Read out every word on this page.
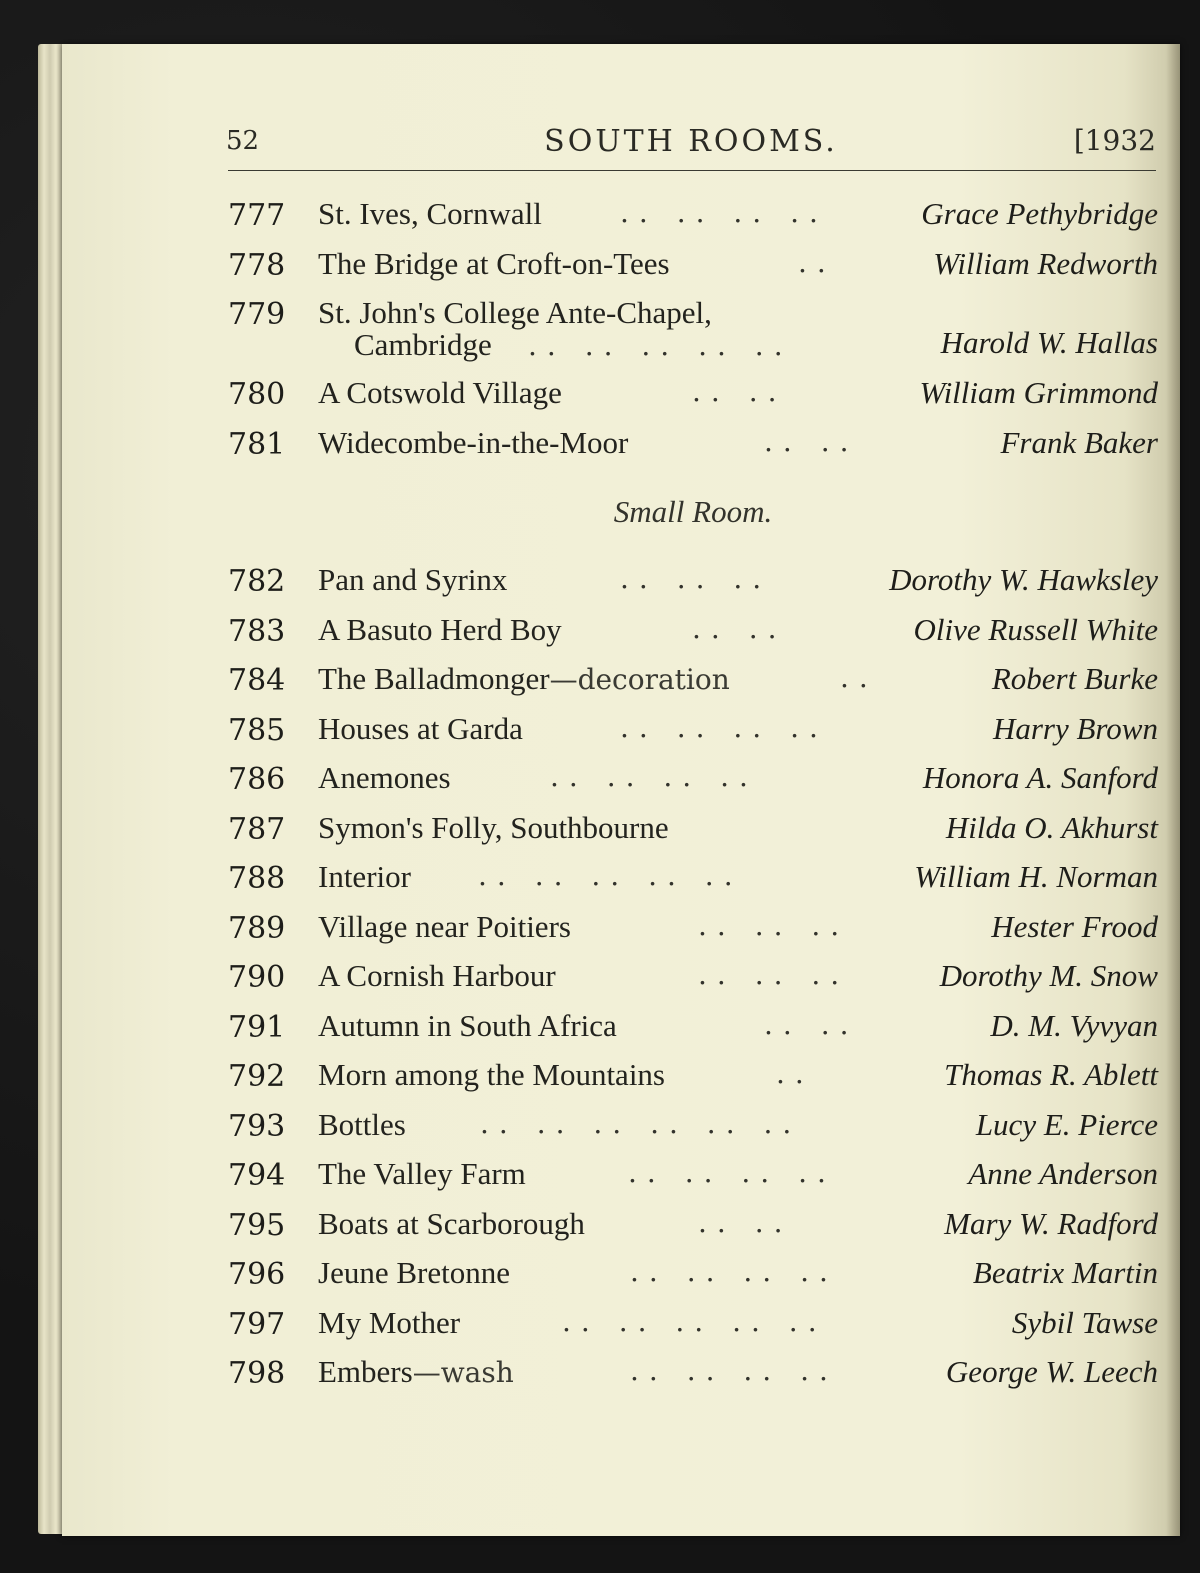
52	SOUTH ROOMS.	[1932
777	St. Ives, Cornwall	.. .. .. ..	Grace Pethybridge
778	The Bridge at Croft-on-Tees	..	William Redworth
779	St. John's College Ante-Chapel,
Cambridge	.. .. .. .. ..	Harold W. Hallas
780	A Cotswold Village	.. ..	William Grimmond
781	Widecombe-in-the-Moor	.. ..	Frank Baker
Small Room.
782	Pan and Syrinx	.. .. ..	Dorothy W. Hawksley
783	A Basuto Herd Boy	.. ..	Olive Russell White
784	The Balladmonger—decoration	..	Robert Burke
785	Houses at Garda	.. .. .. ..	Harry Brown
786	Anemones	.. .. .. ..	Honora A. Sanford
787	Symon's Folly, Southbourne	Hilda O. Akhurst
788	Interior	.. .. .. .. ..	William H. Norman
789	Village near Poitiers	.. .. ..	Hester Frood
790	A Cornish Harbour	.. .. ..	Dorothy M. Snow
791	Autumn in South Africa	.. ..	D. M. Vyvyan
792	Morn among the Mountains	..	Thomas R. Ablett
793	Bottles	.. .. .. .. .. ..	Lucy E. Pierce
794	The Valley Farm	.. .. .. ..	Anne Anderson
795	Boats at Scarborough	.. ..	Mary W. Radford
796	Jeune Bretonne	.. .. .. ..	Beatrix Martin
797	My Mother	.. .. .. .. ..	Sybil Tawse
798	Embers—wash	.. .. .. ..	George W. Leech
